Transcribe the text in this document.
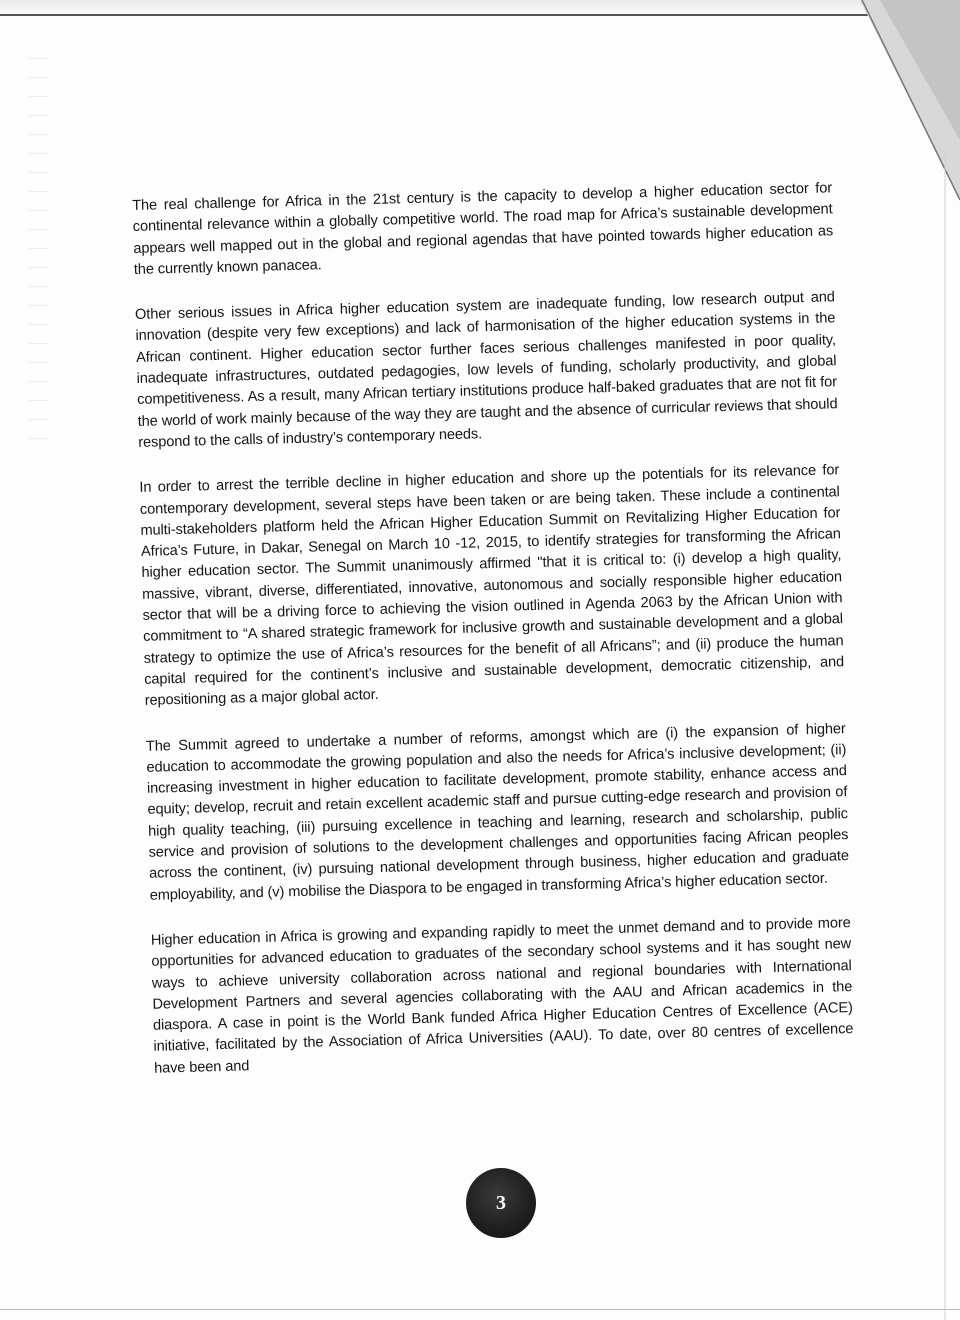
The real challenge for Africa in the 21st century is the capacity to develop a higher education sector for continental relevance within a globally competitive world. The road map for Africa’s sustainable development appears well mapped out in the global and regional agendas that have pointed towards higher education as the currently known panacea.

Other serious issues in Africa higher education system are inadequate funding, low research output and innovation (despite very few exceptions) and lack of harmonisation of the higher education systems in the African continent. Higher education sector further faces serious challenges manifested in poor quality, inadequate infrastructures, outdated pedagogies, low levels of funding, scholarly productivity, and global competitiveness. As a result, many African tertiary institutions produce half-baked graduates that are not fit for the world of work mainly because of the way they are taught and the absence of curricular reviews that should respond to the calls of industry’s contemporary needs.

In order to arrest the terrible decline in higher education and shore up the potentials for its relevance for contemporary development, several steps have been taken or are being taken. These include a continental multi-stakeholders platform held the African Higher Education Summit on Revitalizing Higher Education for Africa’s Future, in Dakar, Senegal on March 10 -12, 2015, to identify strategies for transforming the African higher education sector. The Summit unanimously affirmed "that it is critical to: (i) develop a high quality, massive, vibrant, diverse, differentiated, innovative, autonomous and socially responsible higher education sector that will be a driving force to achieving the vision outlined in Agenda 2063 by the African Union with commitment to “A shared strategic framework for inclusive growth and sustainable development and a global strategy to optimize the use of Africa’s resources for the benefit of all Africans”; and (ii) produce the human capital required for the continent’s inclusive and sustainable development, democratic citizenship, and repositioning as a major global actor.

The Summit agreed to undertake a number of reforms, amongst which are (i) the expansion of higher education to accommodate the growing population and also the needs for Africa’s inclusive development; (ii) increasing investment in higher education to facilitate development, promote stability, enhance access and equity; develop, recruit and retain excellent academic staff and pursue cutting-edge research and provision of high quality teaching, (iii) pursuing excellence in teaching and learning, research and scholarship, public service and provision of solutions to the development challenges and opportunities facing African peoples across the continent, (iv) pursuing national development through business, higher education and graduate employability, and (v) mobilise the Diaspora to be engaged in transforming Africa’s higher education sector.

Higher education in Africa is growing and expanding rapidly to meet the unmet demand and to provide more opportunities for advanced education to graduates of the secondary school systems and it has sought new ways to achieve university collaboration across national and regional boundaries with International Development Partners and several agencies collaborating with the AAU and African academics in the diaspora. A case in point is the World Bank funded Africa Higher Education Centres of Excellence (ACE) initiative, facilitated by the Association of Africa Universities (AAU). To date, over 80 centres of excellence have been and

3
